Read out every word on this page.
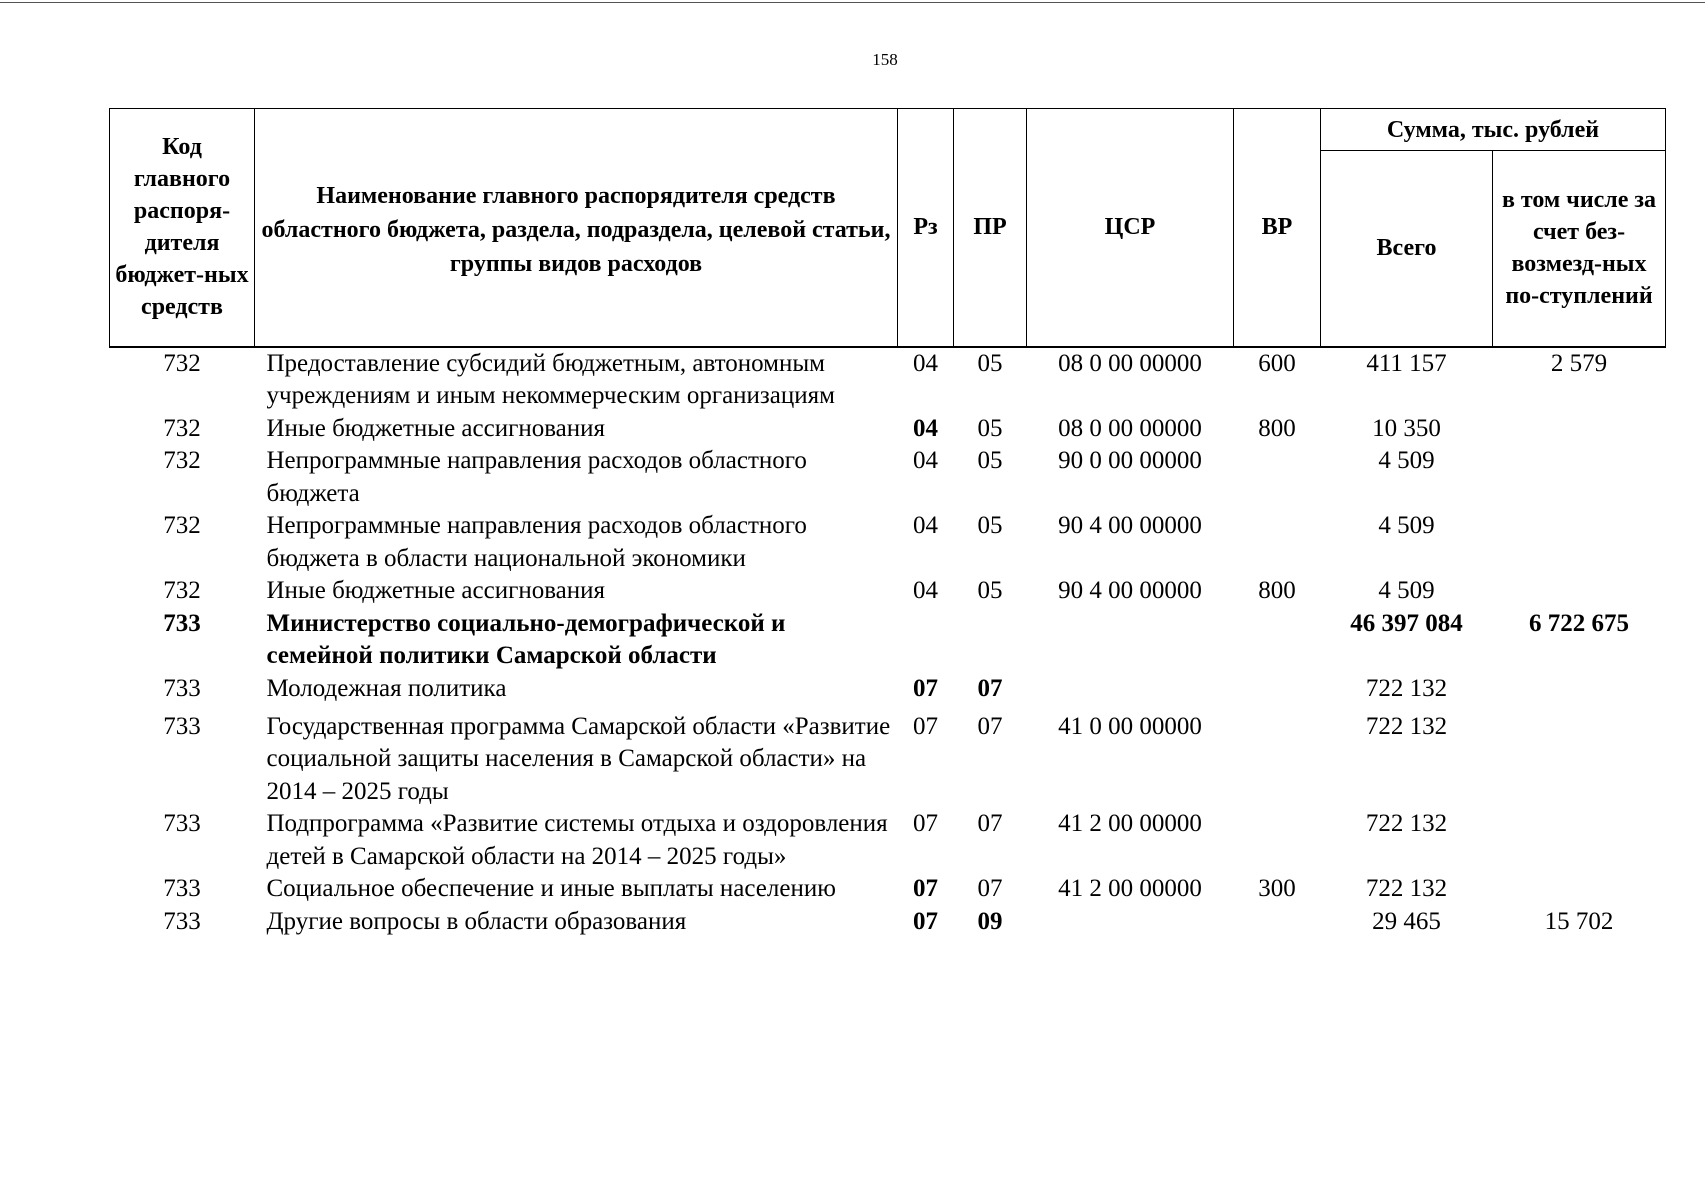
158
Код главного распоря-дителя бюджет-ных средств	Наименование главного распорядителя средств областного бюджета, раздела, подраздела, целевой статьи, группы видов расходов	Рз	ПР	ЦСР	ВР	Сумма, тыс. рублей	
						Всего	в том числе за счет без-возмезд-ных по-ступлений

732	Предоставление субсидий бюджетным, автономным учреждениям и иным некоммерческим организациям	04	05	08 0 00 00000	600	411 157	2 579
732	Иные бюджетные ассигнования	04	05	08 0 00 00000	800	10 350	
732	Непрограммные направления расходов областного бюджета	04	05	90 0 00 00000		4 509	
732	Непрограммные направления расходов областного бюджета в области национальной экономики	04	05	90 4 00 00000		4 509	
732	Иные бюджетные ассигнования	04	05	90 4 00 00000	800	4 509	
733	Министерство социально-демографической и семейной политики Самарской области					46 397 084	6 722 675
733	Молодежная политика	07	07			722 132	
733	Государственная программа Самарской области «Развитие социальной защиты населения в Самарской области» на 2014 – 2025 годы	07	07	41 0 00 00000		722 132	
733	Подпрограмма «Развитие системы отдыха и оздоровления детей в Самарской области на 2014 – 2025 годы»	07	07	41 2 00 00000		722 132	
733	Социальное обеспечение и иные выплаты населению	07	07	41 2 00 00000	300	722 132	
733	Другие вопросы в области образования	07	09			29 465	15 702
